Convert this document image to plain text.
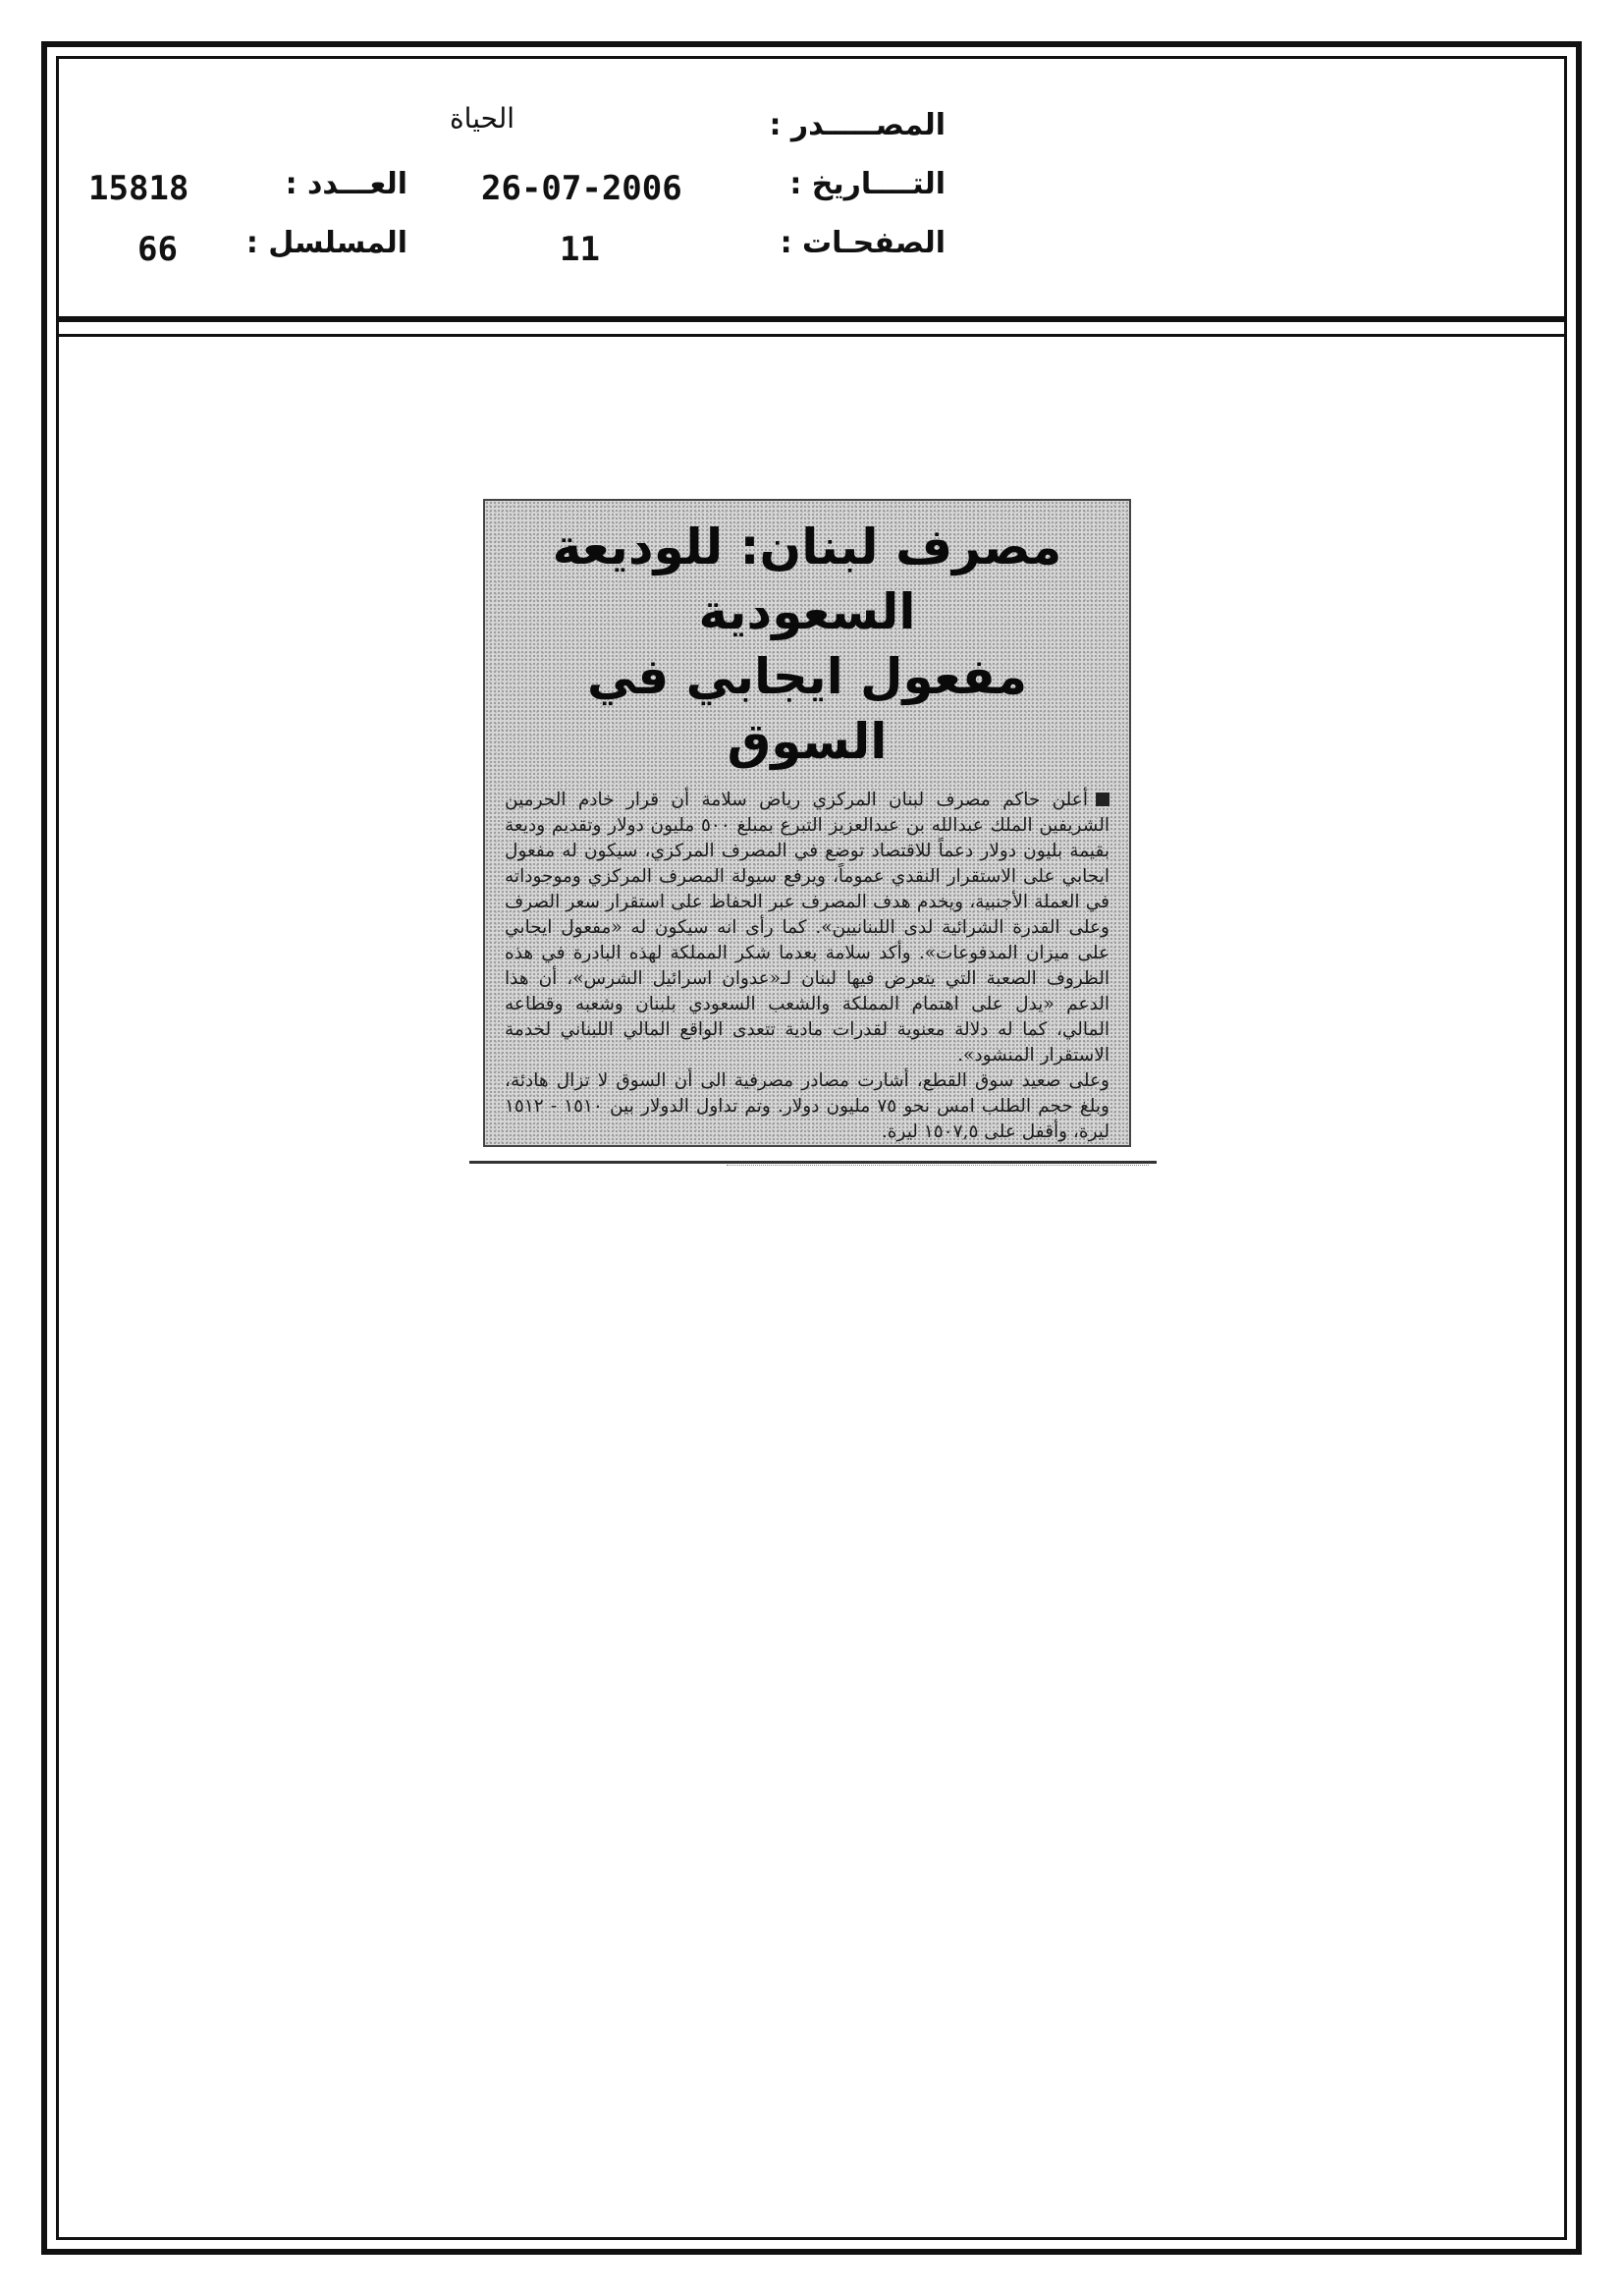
المصـــــدر :
التــــاريخ :
الصفحـات :
الحياة
26-07-2006
11
العـــدد :
المسلسل :
15818
66
مصرف لبنان: للوديعة السعودية
مفعول ايجابي في السوق

أعلن حاكم مصرف لبنان المركزي رياض سلامة أن قرار خادم الحرمين الشريفين الملك عبدالله بن عبدالعزيز التبرع بمبلغ ٥٠٠ مليون دولار وتقديم وديعة بقيمة بليون دولار دعماً للاقتصاد توضع في المصرف المركزي، سيكون له مفعول ايجابي على الاستقرار النقدي عموماً، ويرفع سيولة المصرف المركزي وموجوداته في العملة الأجنبية، ويخدم هدف المصرف عبر الحفاظ على استقرار سعر الصرف وعلى القدرة الشرائية لدى اللبنانيين». كما رأى انه سيكون له «مفعول ايجابي على ميزان المدفوعات». وأكد سلامة بعدما شكر المملكة لهذه البادرة في هذه الظروف الصعبة التي يتعرض فيها لبنان لـ«عدوان اسرائيل الشرس»، أن هذا الدعم «يدل على اهتمام المملكة والشعب السعودي بلبنان وشعبه وقطاعه المالي، كما له دلالة معنوية لقدرات مادية تتعدى الواقع المالي اللبناني لخدمة الاستقرار المنشود».

وعلى صعيد سوق القطع، أشارت مصادر مصرفية الى أن السوق لا تزال هادئة، وبلغ حجم الطلب امس نحو ٧٥ مليون دولار. وتم تداول الدولار بين ١٥١٠ - ١٥١٢ ليرة، وأقفل على ١٥٠٧,٥ ليرة.
